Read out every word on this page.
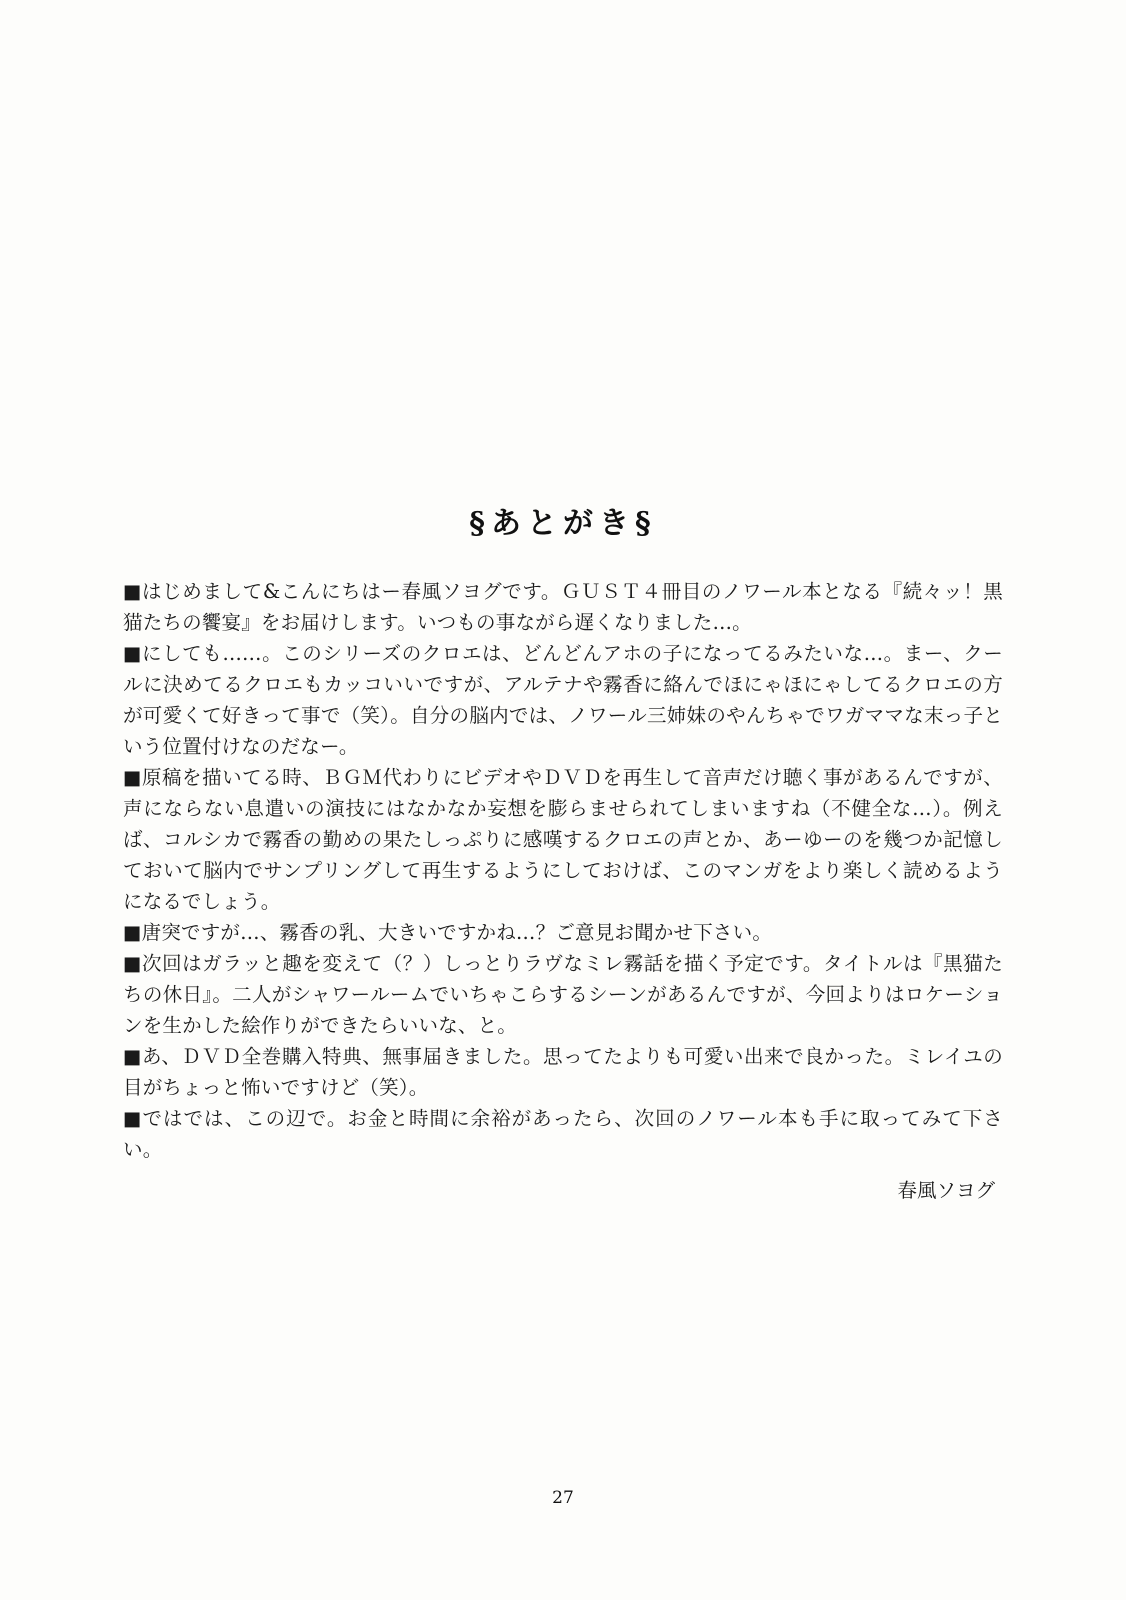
§あとがき§

■はじめまして&こんにちはー春風ソヨグです。ＧＵＳＴ４冊目のノワール本となる『続々ッ！黒猫たちの饗宴』をお届けします。いつもの事ながら遅くなりました…。

■にしても……。このシリーズのクロエは、どんどんアホの子になってるみたいな…。まー、クールに決めてるクロエもカッコいいですが、アルテナや霧香に絡んでほにゃほにゃしてるクロエの方が可愛くて好きって事で（笑）。自分の脳内では、ノワール三姉妹のやんちゃでワガママな末っ子という位置付けなのだなー。

■原稿を描いてる時、ＢＧＭ代わりにビデオやＤＶＤを再生して音声だけ聴く事があるんですが、声にならない息遣いの演技にはなかなか妄想を膨らませられてしまいますね（不健全な…）。例えば、コルシカで霧香の勤めの果たしっぷりに感嘆するクロエの声とか、あーゆーのを幾つか記憶しておいて脳内でサンプリングして再生するようにしておけば、このマンガをより楽しく読めるようになるでしょう。

■唐突ですが…、霧香の乳、大きいですかね…？ご意見お聞かせ下さい。

■次回はガラッと趣を変えて（？）しっとりラヴなミレ霧話を描く予定です。タイトルは『黒猫たちの休日』。二人がシャワールームでいちゃこらするシーンがあるんですが、今回よりはロケーションを生かした絵作りができたらいいな、と。

■あ、ＤＶＤ全巻購入特典、無事届きました。思ってたよりも可愛い出来で良かった。ミレイユの目がちょっと怖いですけど（笑）。

■ではでは、この辺で。お金と時間に余裕があったら、次回のノワール本も手に取ってみて下さい。

春風ソヨグ
27
